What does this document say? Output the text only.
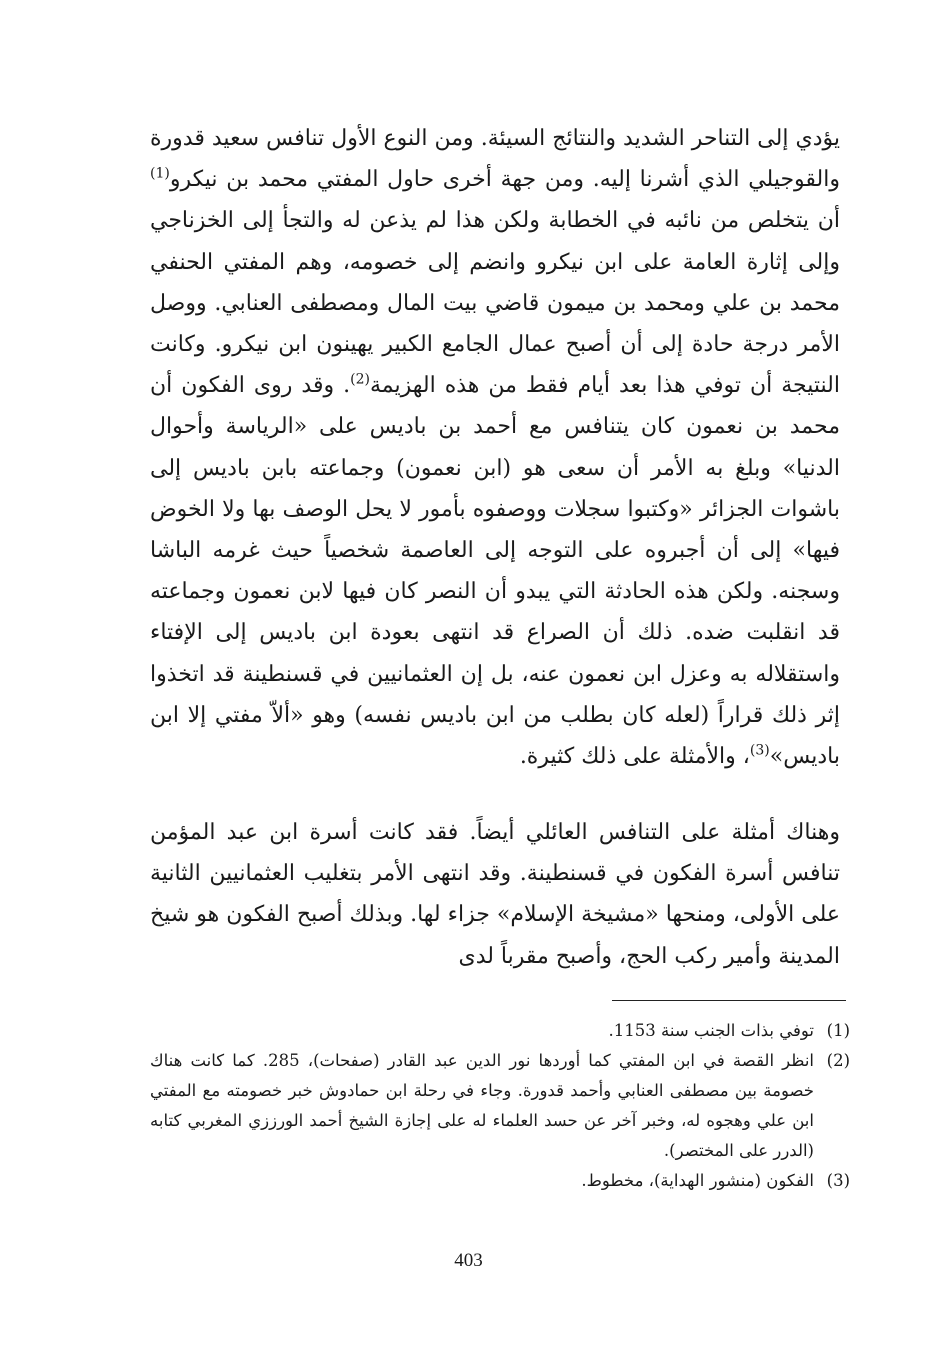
يؤدي إلى التناحر الشديد والنتائج السيئة. ومن النوع الأول تنافس سعيد قدورة والقوجيلي الذي أشرنا إليه. ومن جهة أخرى حاول المفتي محمد بن نيكرو$^{(1)}$ أن يتخلص من نائبه في الخطابة ولكن هذا لم يذعن له والتجأ إلى الخزناجي وإلى إثارة العامة على ابن نيكرو وانضم إلى خصومه، وهم المفتي الحنفي محمد بن علي ومحمد بن ميمون قاضي بيت المال ومصطفى العنابي. ووصل الأمر درجة حادة إلى أن أصبح عمال الجامع الكبير يهينون ابن نيكرو. وكانت النتيجة أن توفي هذا بعد أيام فقط من هذه الهزيمة$^{(2)}$. وقد روى الفكون أن محمد بن نعمون كان يتنافس مع أحمد بن باديس على «الرياسة وأحوال الدنيا» وبلغ به الأمر أن سعى هو (ابن نعمون) وجماعته بابن باديس إلى باشوات الجزائر «وكتبوا سجلات ووصفوه بأمور لا يحل الوصف بها ولا الخوض فيها» إلى أن أجبروه على التوجه إلى العاصمة شخصياً حيث غرمه الباشا وسجنه. ولكن هذه الحادثة التي يبدو أن النصر كان فيها لابن نعمون وجماعته قد انقلبت ضده. ذلك أن الصراع قد انتهى بعودة ابن باديس إلى الإفتاء واستقلاله به وعزل ابن نعمون عنه، بل إن العثمانيين في قسنطينة قد اتخذوا إثر ذلك قراراً (لعله كان بطلب من ابن باديس نفسه) وهو «ألاّ مفتي إلا ابن باديس»$^{(3)}$، والأمثلة على ذلك كثيرة.

وهناك أمثلة على التنافس العائلي أيضاً. فقد كانت أسرة ابن عبد المؤمن تنافس أسرة الفكون في قسنطينة. وقد انتهى الأمر بتغليب العثمانيين الثانية على الأولى، ومنحها «مشيخة الإسلام» جزاء لها. وبذلك أصبح الفكون هو شيخ المدينة وأمير ركب الحج، وأصبح مقرباً لدى

(1)
توفي بذات الجنب سنة 1153.
(2)
انظر القصة في ابن المفتي كما أوردها نور الدين عبد القادر (صفحات)، 285. كما كانت هناك خصومة بين مصطفى العنابي وأحمد قدورة. وجاء في رحلة ابن حمادوش خبر خصومته مع المفتي ابن علي وهجوه له، وخبر آخر عن حسد العلماء له على إجازة الشيخ أحمد الورززي المغربي كتابه (الدرر على المختصر).
(3)
الفكون (منشور الهداية)، مخطوط.
403
